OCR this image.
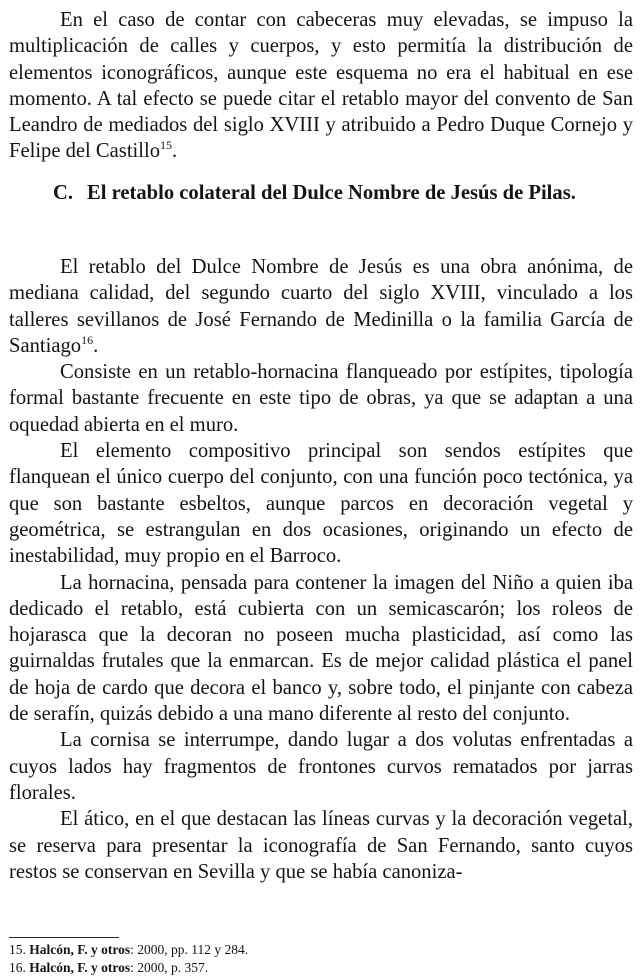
En el caso de contar con cabeceras muy elevadas, se impuso la multiplicación de calles y cuerpos, y esto permitía la distribución de elementos iconográficos, aunque este esquema no era el habitual en ese momento. A tal efecto se puede citar el retablo mayor del convento de San Leandro de mediados del siglo XVIII y atribuido a Pedro Duque Cornejo y Felipe del Castillo$^{15}$.

C. El retablo colateral del Dulce Nombre de Jesús de Pilas.

El retablo del Dulce Nombre de Jesús es una obra anónima, de mediana calidad, del segundo cuarto del siglo XVIII, vinculado a los talleres sevillanos de José Fernando de Medinilla o la familia García de Santiago$^{16}$.

Consiste en un retablo-hornacina flanqueado por estípites, tipología formal bastante frecuente en este tipo de obras, ya que se adaptan a una oquedad abierta en el muro.

El elemento compositivo principal son sendos estípites que flanquean el único cuerpo del conjunto, con una función poco tectónica, ya que son bastante esbeltos, aunque parcos en decoración vegetal y geométrica, se estrangulan en dos ocasiones, originando un efecto de inestabilidad, muy propio en el Barroco.

La hornacina, pensada para contener la imagen del Niño a quien iba dedicado el retablo, está cubierta con un semicascarón; los roleos de hojarasca que la decoran no poseen mucha plasticidad, así como las guirnaldas frutales que la enmarcan. Es de mejor calidad plástica el panel de hoja de cardo que decora el banco y, sobre todo, el pinjante con cabeza de serafín, quizás debido a una mano diferente al resto del conjunto.

La cornisa se interrumpe, dando lugar a dos volutas enfrentadas a cuyos lados hay fragmentos de frontones curvos rematados por jarras florales.

El ático, en el que destacan las líneas curvas y la decoración vegetal, se reserva para presentar la iconografía de San Fernando, santo cuyos restos se conservan en Sevilla y que se había canoniza-

15. Halcón, F. y otros: 2000, pp. 112 y 284.

16. Halcón, F. y otros: 2000, p. 357.
